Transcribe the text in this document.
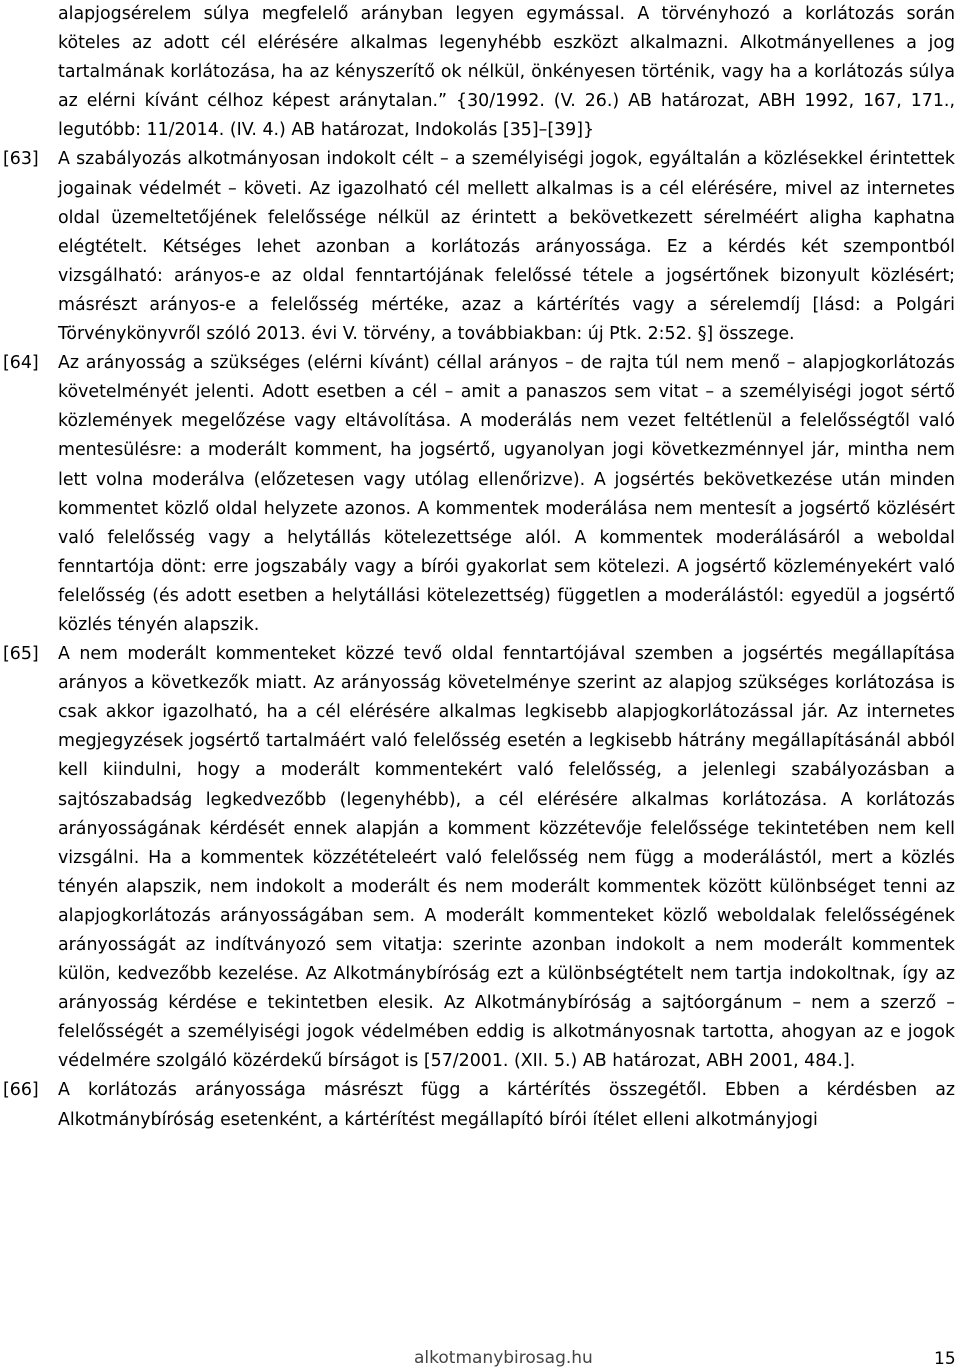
alapjogsérelem súlya megfelelő arányban legyen egymással. A törvényhozó a korlátozás során köteles az adott cél elérésére alkalmas legenyhébb eszközt alkalmazni. Alkotmányellenes a jog tartalmának korlátozása, ha az kényszerítő ok nélkül, önkényesen történik, vagy ha a korlátozás súlya az elérni kívánt célhoz képest aránytalan.” {30/1992. (V. 26.) AB határozat, ABH 1992, 167, 171., legutóbb: 11/2014. (IV. 4.) AB határozat, Indokolás [35]–[39]}
[63] A szabályozás alkotmányosan indokolt célt – a személyiségi jogok, egyáltalán a közlésekkel érintettek jogainak védelmét – követi. Az igazolható cél mellett alkalmas is a cél elérésére, mivel az internetes oldal üzemeltetőjének felelőssége nélkül az érintett a bekövetkezett sérelméért aligha kaphatna elégtételt. Kétséges lehet azonban a korlátozás arányossága. Ez a kérdés két szempontból vizsgálható: arányos-e az oldal fenntartójának felelőssé tétele a jogsértőnek bizonyult közlésért; másrészt arányos-e a felelősség mértéke, azaz a kártérítés vagy a sérelemdíj [lásd: a Polgári Törvénykönyvről szóló 2013. évi V. törvény, a továbbiakban: új Ptk. 2:52. §] összege.
[64] Az arányosság a szükséges (elérni kívánt) céllal arányos – de rajta túl nem menő – alapjogkorlátozás követelményét jelenti. Adott esetben a cél – amit a panaszos sem vitat – a személyiségi jogot sértő közlemények megelőzése vagy eltávolítása. A moderálás nem vezet feltétlenül a felelősségtől való mentesülésre: a moderált komment, ha jogsértő, ugyanolyan jogi következménnyel jár, mintha nem lett volna moderálva (előzetesen vagy utólag ellenőrizve). A jogsértés bekövetkezése után minden kommentet közlő oldal helyzete azonos. A kommentek moderálása nem mentesít a jogsértő közlésért való felelősség vagy a helytállás kötelezettsége alól. A kommentek moderálásáról a weboldal fenntartója dönt: erre jogszabály vagy a bírói gyakorlat sem kötelezi. A jogsértő közleményekért való felelősség (és adott esetben a helytállási kötelezettség) független a moderálástól: egyedül a jogsértő közlés tényén alapszik.
[65] A nem moderált kommenteket közzé tevő oldal fenntartójával szemben a jogsértés megállapítása arányos a következők miatt. Az arányosság követelménye szerint az alapjog szükséges korlátozása is csak akkor igazolható, ha a cél elérésére alkalmas legkisebb alapjogkorlátozással jár. Az internetes megjegyzések jogsértő tartalmáért való felelősség esetén a legkisebb hátrány megállapításánál abból kell kiindulni, hogy a moderált kommentekért való felelősség, a jelenlegi szabályozásban a sajtószabadság legkedvezőbb (legenyhébb), a cél elérésére alkalmas korlátozása. A korlátozás arányosságának kérdését ennek alapján a komment közzétevője felelőssége tekintetében nem kell vizsgálni. Ha a kommentek közzétételeért való felelősség nem függ a moderálástól, mert a közlés tényén alapszik, nem indokolt a moderált és nem moderált kommentek között különbséget tenni az alapjogkorlátozás arányosságában sem. A moderált kommenteket közlő weboldalak felelősségének arányosságát az indítványozó sem vitatja: szerinte azonban indokolt a nem moderált kommentek külön, kedvezőbb kezelése. Az Alkotmánybíróság ezt a különbségtételt nem tartja indokoltnak, így az arányosság kérdése e tekintetben elesik. Az Alkotmánybíróság a sajtóorgánum – nem a szerző – felelősségét a személyiségi jogok védelmében eddig is alkotmányosnak tartotta, ahogyan az e jogok védelmére szolgáló közérdekű bírságot is [57/2001. (XII. 5.) AB határozat, ABH 2001, 484.].
[66] A korlátozás arányossága másrészt függ a kártérítés összegétől. Ebben a kérdésben az Alkotmánybíróság esetenként, a kártérítést megállapító bírói ítélet elleni alkotmányjogi
alkotmanybirosag.hu	15
